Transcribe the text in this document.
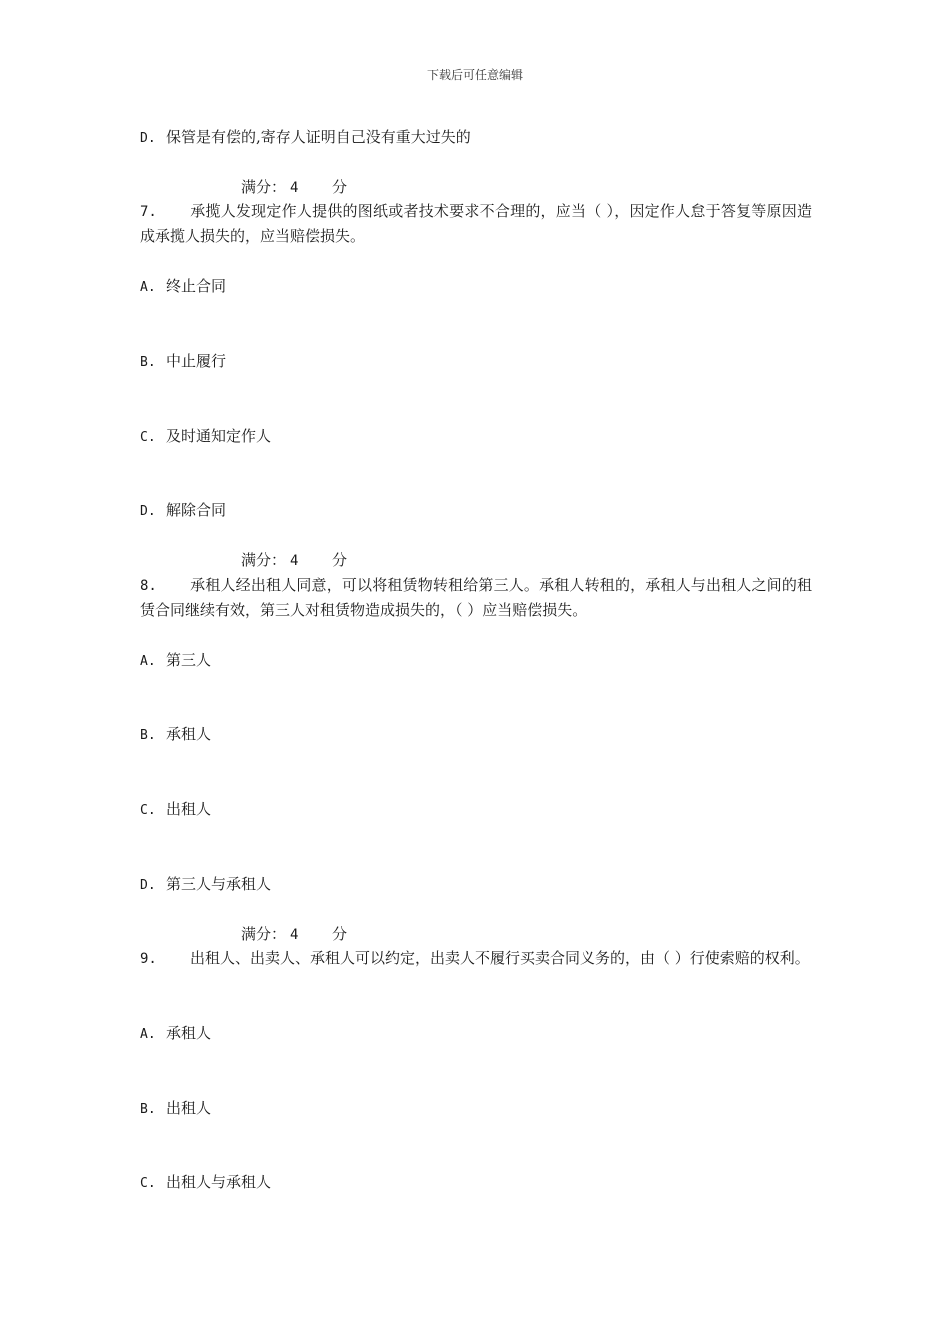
下载后可任意编辑
D. 保管是有偿的,寄存人证明自己没有重大过失的
满分： 4 分
7. 承揽人发现定作人提供的图纸或者技术要求不合理的，应当（ ），因定作人怠于答复等原因造成承揽人损失的，应当赔偿损失。
A. 终止合同
B. 中止履行
C. 及时通知定作人
D. 解除合同
满分： 4 分
8. 承租人经出租人同意，可以将租赁物转租给第三人。承租人转租的，承租人与出租人之间的租赁合同继续有效，第三人对租赁物造成损失的，（ ）应当赔偿损失。
A. 第三人
B. 承租人
C. 出租人
D. 第三人与承租人
满分： 4 分
9. 出租人、出卖人、承租人可以约定，出卖人不履行买卖合同义务的，由（ ）行使索赔的权利。
A. 承租人
B. 出租人
C. 出租人与承租人
